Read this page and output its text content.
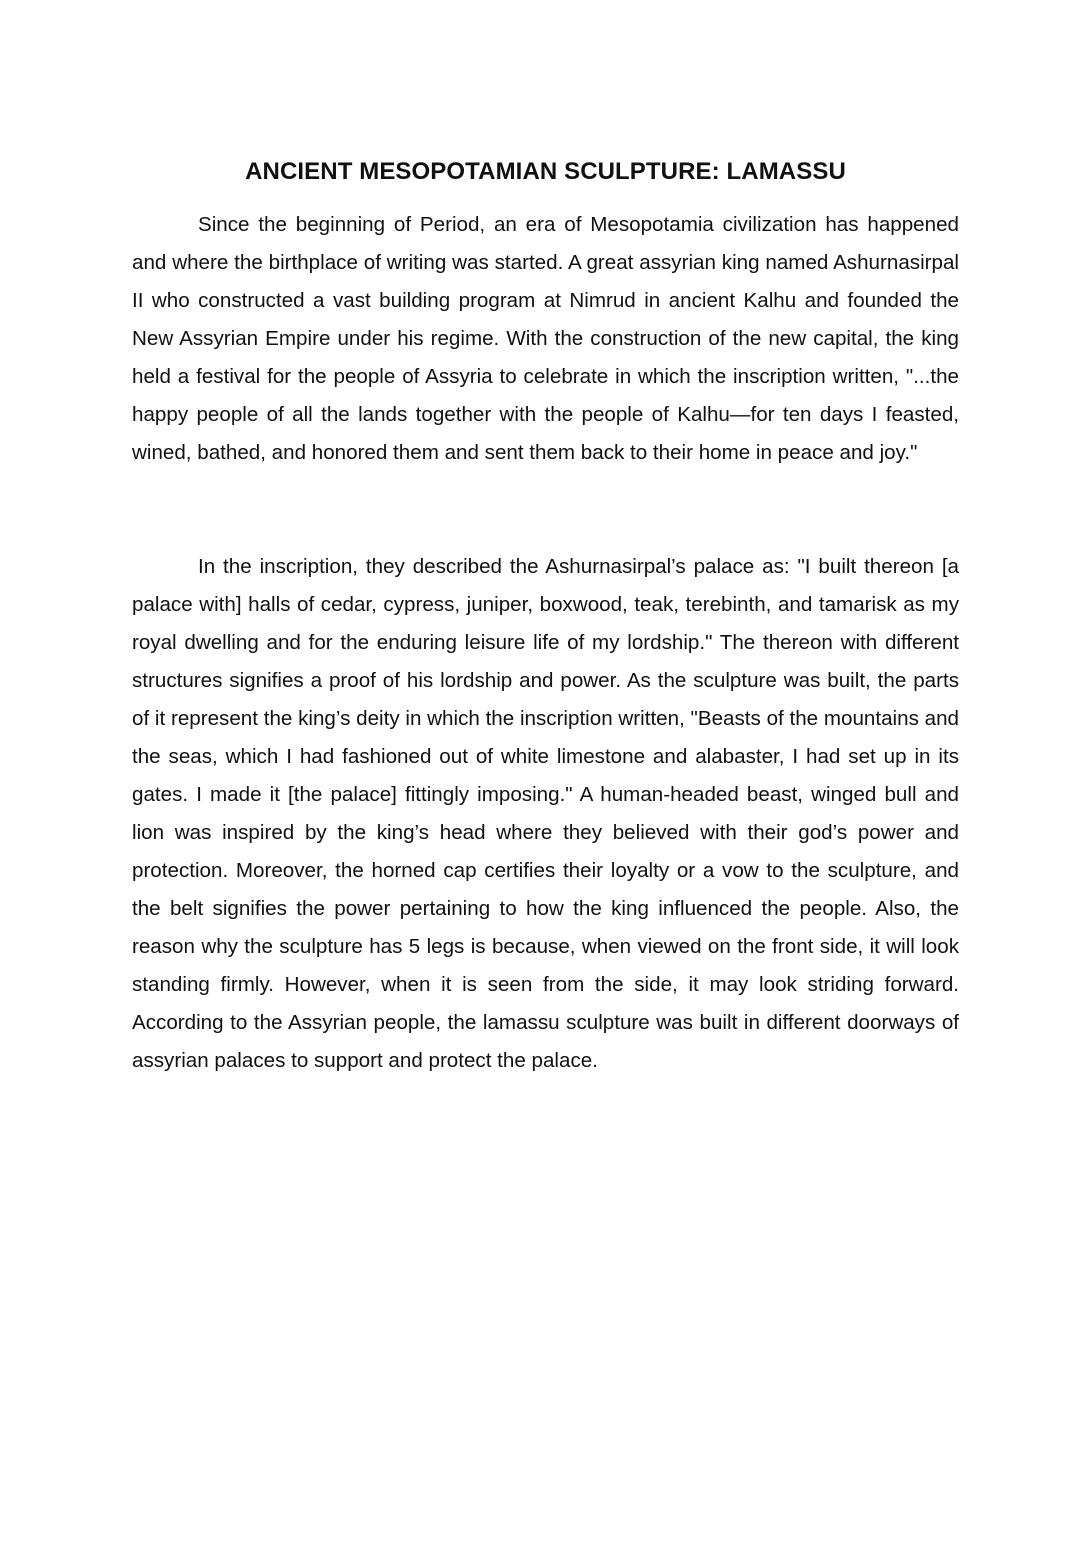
ANCIENT MESOPOTAMIAN SCULPTURE: LAMASSU

Since the beginning of Period, an era of Mesopotamia civilization has happened and where the birthplace of writing was started. A great assyrian king named Ashurnasirpal II who constructed a vast building program at Nimrud in ancient Kalhu and founded the New Assyrian Empire under his regime. With the construction of the new capital, the king held a festival for the people of Assyria to celebrate in which the inscription written, "...the happy people of all the lands together with the people of Kalhu—for ten days I feasted, wined, bathed, and honored them and sent them back to their home in peace and joy."

In the inscription, they described the Ashurnasirpal’s palace as: "I built thereon [a palace with] halls of cedar, cypress, juniper, boxwood, teak, terebinth, and tamarisk as my royal dwelling and for the enduring leisure life of my lordship." The thereon with different structures signifies a proof of his lordship and power. As the sculpture was built, the parts of it represent the king’s deity in which the inscription written, "Beasts of the mountains and the seas, which I had fashioned out of white limestone and alabaster, I had set up in its gates. I made it [the palace] fittingly imposing." A human-headed beast, winged bull and lion was inspired by the king’s head where they believed with their god’s power and protection. Moreover, the horned cap certifies their loyalty or a vow to the sculpture, and the belt signifies the power pertaining to how the king influenced the people. Also, the reason why the sculpture has 5 legs is because, when viewed on the front side, it will look standing firmly. However, when it is seen from the side, it may look striding forward. According to the Assyrian people, the lamassu sculpture was built in different doorways of assyrian palaces to support and protect the palace.
